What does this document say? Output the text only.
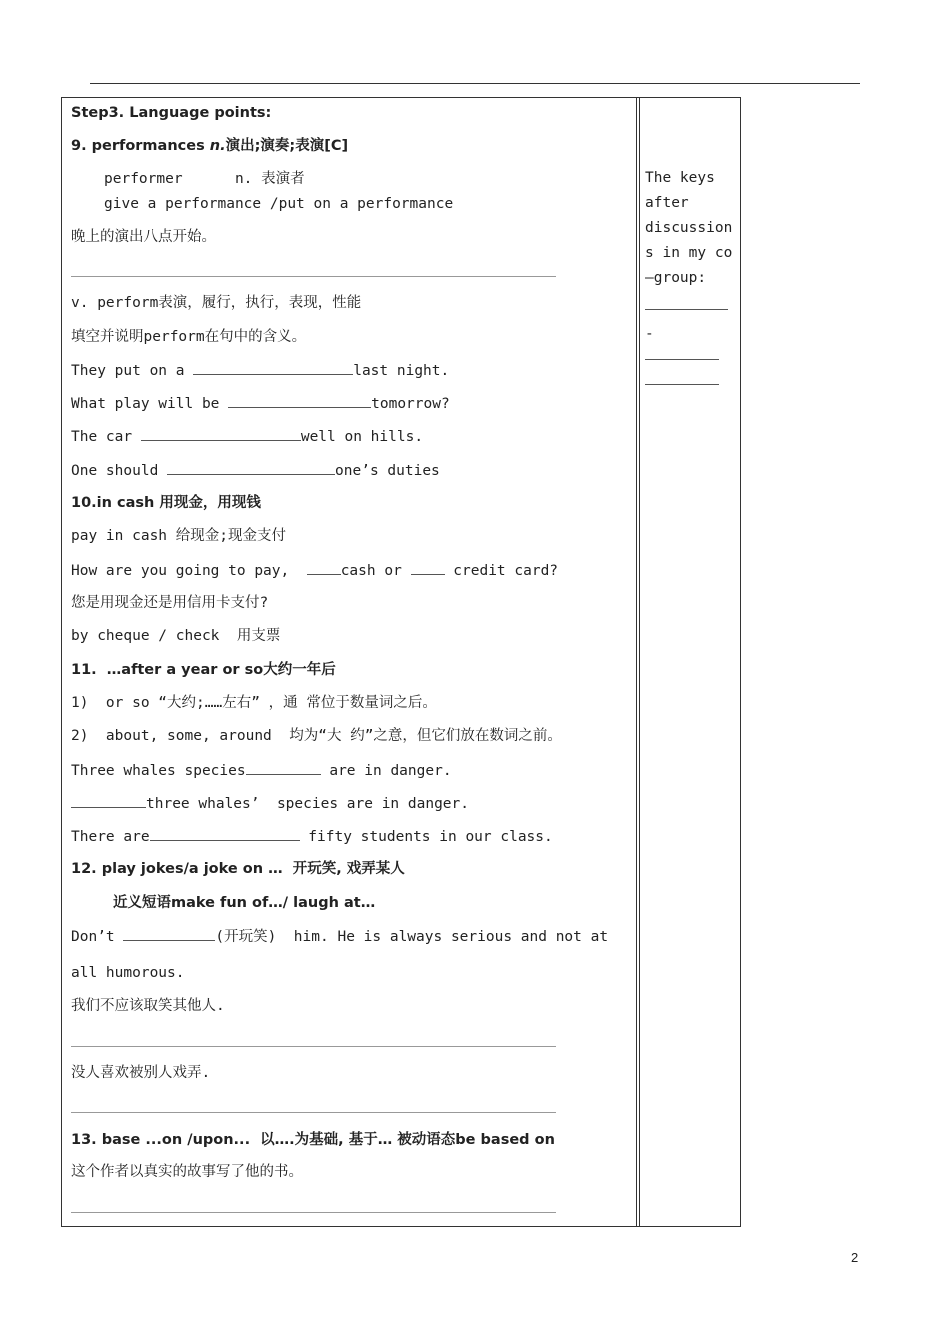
Step3. Language points:
9. performances n.演出;演奏;表演[C]
performer      n. 表演者
give a performance /put on a performance
晚上的演出八点开始。
v. perform表演，履行，执行，表现，性能
填空并说明perform在句中的含义。
They put on a	last night.
What play will be	tomorrow?
The car	well on hills.
One should	one’s duties
10.in cash 用现金，用现钱
pay in cash 给现金;现金支付
How are you going to pay,  cash or  credit card?
您是用现金还是用信用卡支付?
by cheque / check  用支票
11.  …after a year or so大约一年后
1)  or so “大约;……左右” ，通 常位于数量词之后。
2)  about, some, around  均为“大 约”之意，但它们放在数词之前。
Three whales species	are in danger.
three whales’  species are in danger.
There are	fifty students in our class.
12. play jokes/a joke on …  开玩笑, 戏弄某人
近义短语make fun of…/ laugh at…
Don’t	(开玩笑)  him. He is always serious and not at
all humorous.
我们不应该取笑其他人.
没人喜欢被别人戏弄.
13. base ...on /upon...  以….为基础, 基于… 被动语态be based on
这个作者以真实的故事写了他的书。
The keys
after
discussion
s in my co
—group:
-
2
